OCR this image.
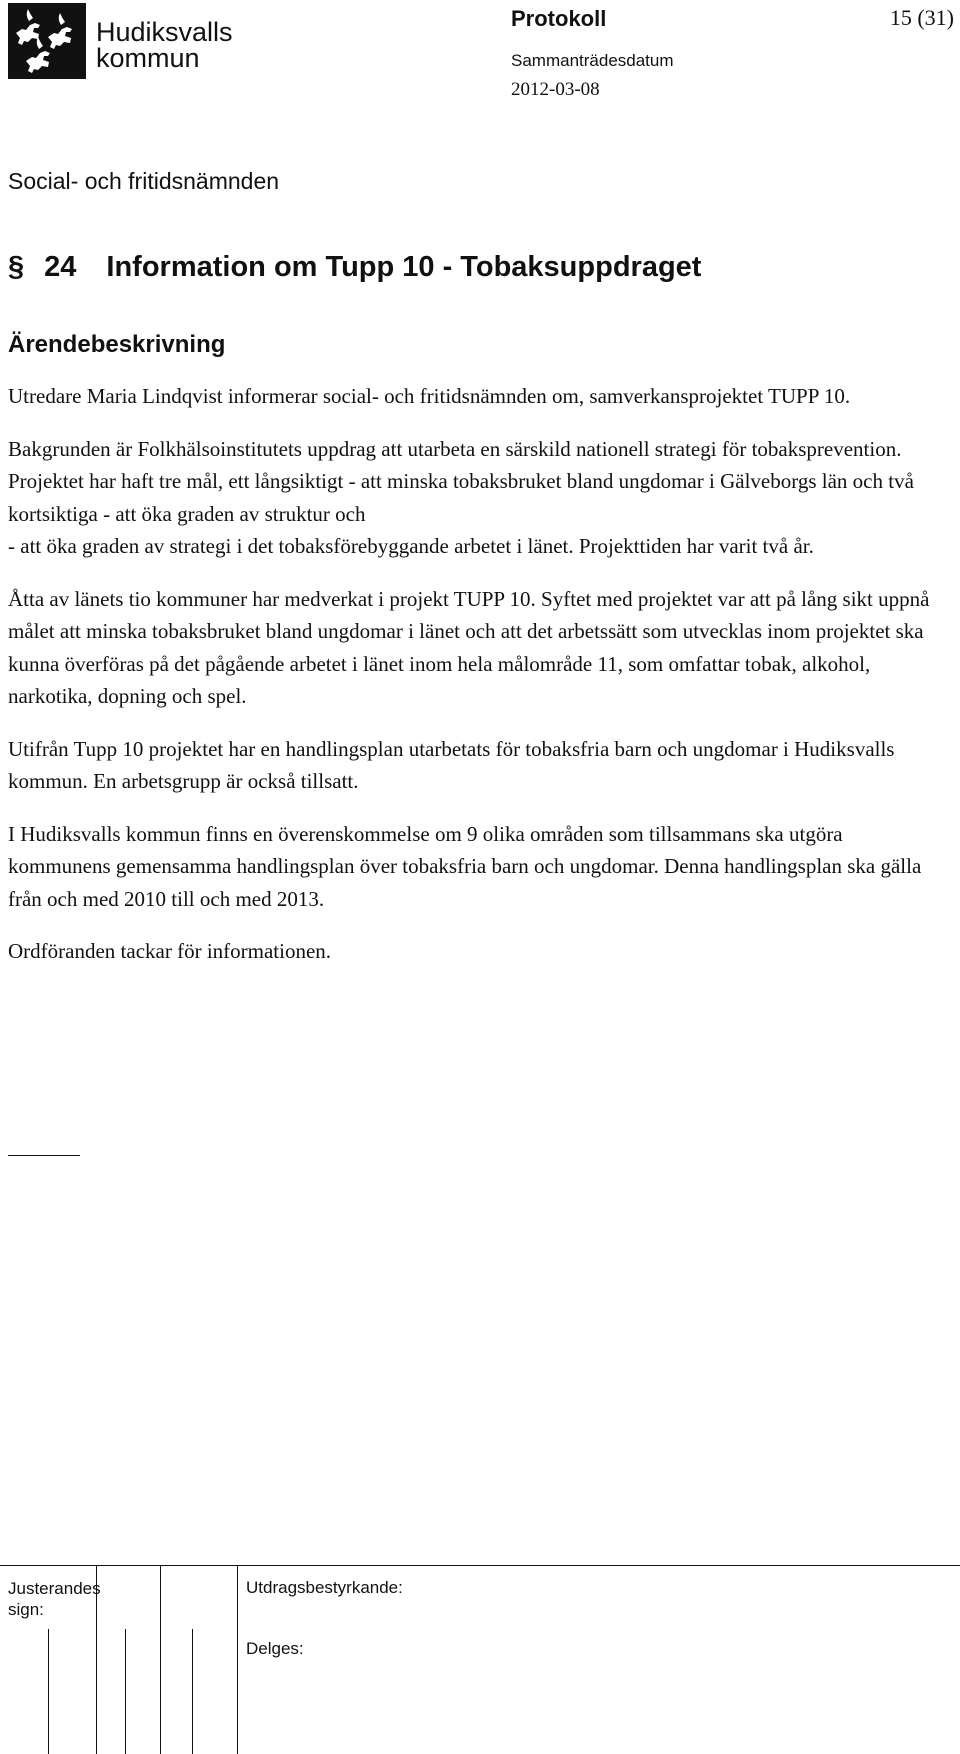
Hudiksvalls
kommun
Protokoll	15 (31)
Sammanträdesdatum
2012-03-08
Social- och fritidsnämnden
§ 24 Information om Tupp 10 - Tobaksuppdraget
Ärendebeskrivning

Utredare Maria Lindqvist informerar social- och fritidsnämnden om, samverkansprojektet TUPP 10.

Bakgrunden är Folkhälsoinstitutets uppdrag att utarbeta en särskild nationell strategi för tobaksprevention. Projektet har haft tre mål, ett långsiktigt - att minska tobaksbruket bland ungdomar i Gälveborgs län och två kortsiktiga - att öka graden av struktur och

- att öka graden av strategi i det tobaksförebyggande arbetet i länet. Projekttiden har varit två år.

Åtta av länets tio kommuner har medverkat i projekt TUPP 10. Syftet med projektet var att på lång sikt uppnå målet att minska tobaksbruket bland ungdomar i länet och att det arbetssätt som utvecklas inom projektet ska kunna överföras på det pågående arbetet i länet inom hela målområde 11, som omfattar tobak, alkohol, narkotika, dopning och spel.

Utifrån Tupp 10 projektet har en handlingsplan utarbetats för tobaksfria barn och ungdomar i Hudiksvalls kommun. En arbetsgrupp är också tillsatt.

I Hudiksvalls kommun finns en överenskommelse om 9 olika områden som tillsammans ska utgöra kommunens gemensamma handlingsplan över tobaksfria barn och ungdomar. Denna handlingsplan ska gälla från och med 2010 till och med 2013.

Ordföranden tackar för informationen.

Justerandes
sign:
Utdragsbestyrkande:
Delges:
